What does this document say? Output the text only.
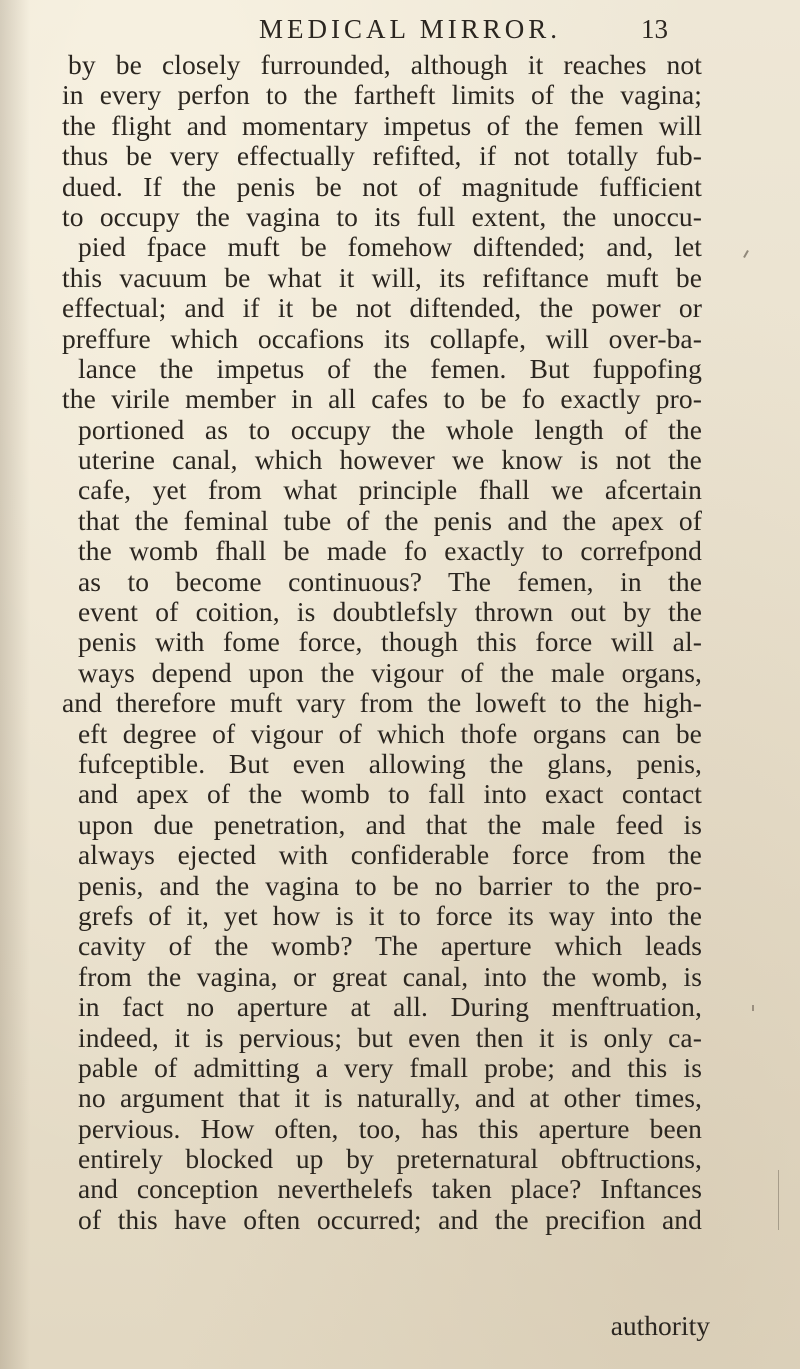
MEDICAL MIRROR.	13
by be closely furrounded, although it reaches not
in every perfon to the fartheft limits of the vagina;
the flight and momentary impetus of the femen will
thus be very effectually refifted, if not totally fub-
dued. If the penis be not of magnitude fufficient
to occupy the vagina to its full extent, the unoccu-
pied fpace muft be fomehow diftended; and, let
this vacuum be what it will, its refiftance muft be
effectual; and if it be not diftended, the power or
preffure which occafions its collapfe, will over-ba-
lance the impetus of the femen. But fuppofing
the virile member in all cafes to be fo exactly pro-
portioned as to occupy the whole length of the
uterine canal, which however we know is not the
cafe, yet from what principle fhall we afcertain
that the feminal tube of the penis and the apex of
the womb fhall be made fo exactly to correfpond
as to become continuous? The femen, in the
event of coition, is doubtlefsly thrown out by the
penis with fome force, though this force will al-
ways depend upon the vigour of the male organs,
and therefore muft vary from the loweft to the high-
eft degree of vigour of which thofe organs can be
fufceptible. But even allowing the glans, penis,
and apex of the womb to fall into exact contact
upon due penetration, and that the male feed is
always ejected with confiderable force from the
penis, and the vagina to be no barrier to the pro-
grefs of it, yet how is it to force its way into the
cavity of the womb? The aperture which leads
from the vagina, or great canal, into the womb, is
in fact no aperture at all. During menftruation,
indeed, it is pervious; but even then it is only ca-
pable of admitting a very fmall probe; and this is
no argument that it is naturally, and at other times,
pervious. How often, too, has this aperture been
entirely blocked up by preternatural obftructions,
and conception neverthelefs taken place? Inftances
of this have often occurred; and the precifion and
authority
